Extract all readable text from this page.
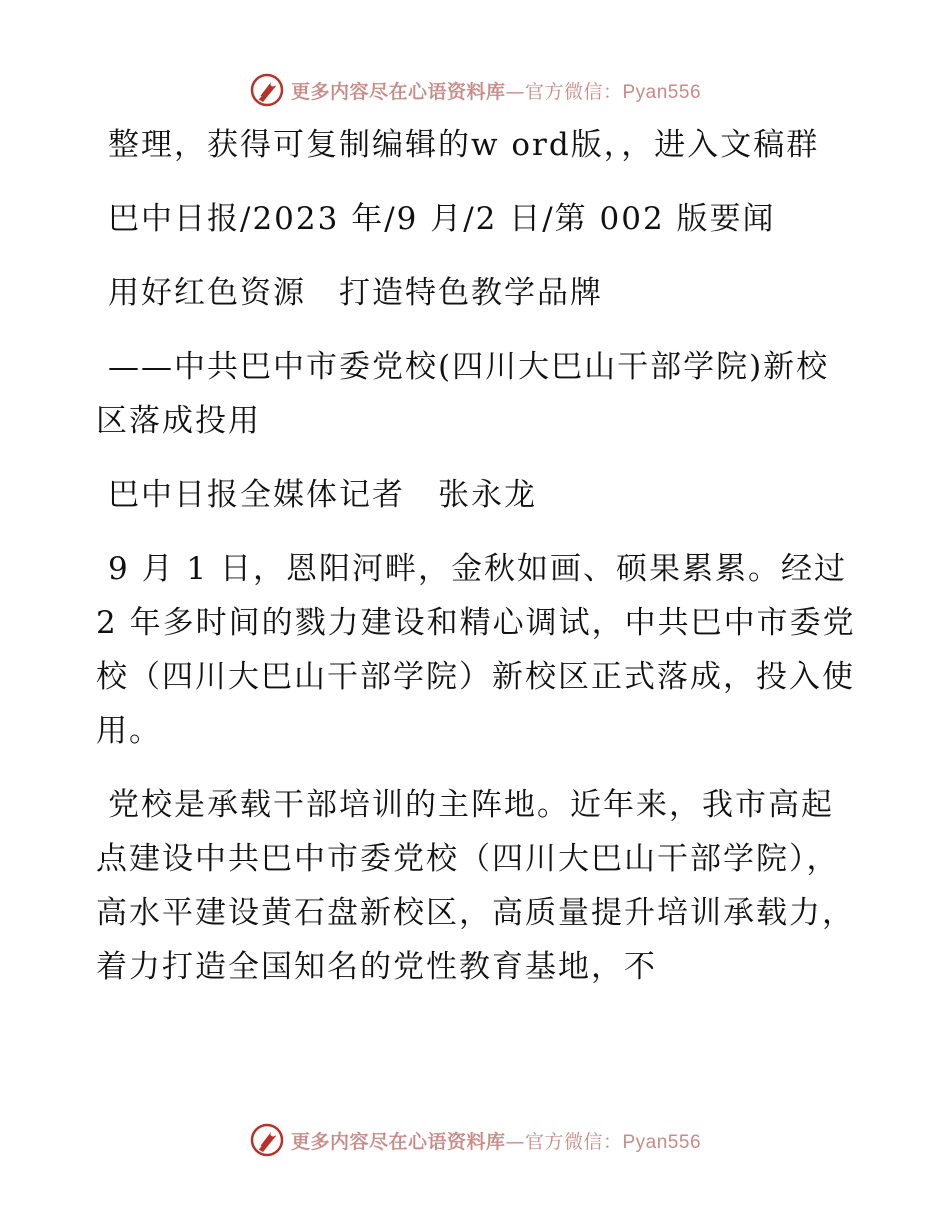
更多内容尽在心语资料库—官方微信：Pyan556

整理，获得可复制编辑的w ord版，，进入文稿群

巴中日报/2023 年/9 月/2 日/第 002 版要闻

用好红色资源　打造特色教学品牌

——中共巴中市委党校(四川大巴山干部学院)新校区落成投用

巴中日报全媒体记者　张永龙

9 月 1 日，恩阳河畔，金秋如画、硕果累累。经过 2 年多时间的戮力建设和精心调试，中共巴中市委党校（四川大巴山干部学院）新校区正式落成，投入使用。

党校是承载干部培训的主阵地。近年来，我市高起点建设中共巴中市委党校（四川大巴山干部学院），高水平建设黄石盘新校区，高质量提升培训承载力，着力打造全国知名的党性教育基地，不

更多内容尽在心语资料库—官方微信：Pyan556
